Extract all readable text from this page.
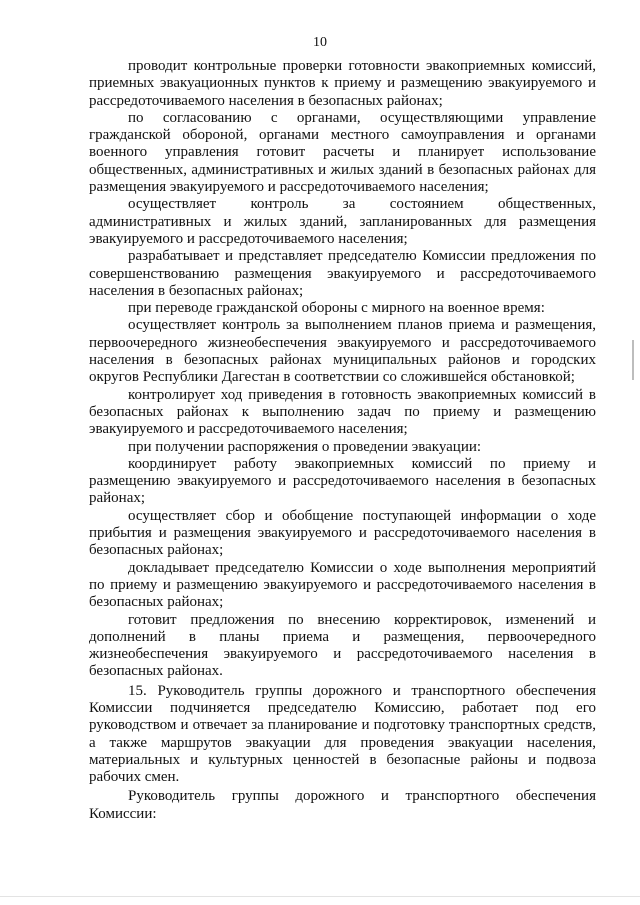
10

проводит контрольные проверки готовности эвакоприемных комиссий, приемных эвакуационных пунктов к приему и размещению эвакуируемого и рассредоточиваемого населения в безопасных районах;

по согласованию с органами, осуществляющими управление гражданской обороной, органами местного самоуправления и органами военного управления готовит расчеты и планирует использование общественных, административных и жилых зданий в безопасных районах для размещения эвакуируемого и рассредоточиваемого населения;

осуществляет контроль за состоянием общественных, административных и жилых зданий, запланированных для размещения эвакуируемого и рассредоточиваемого населения;

разрабатывает и представляет председателю Комиссии предложения по совершенствованию размещения эвакуируемого и рассредоточиваемого населения в безопасных районах;

при переводе гражданской обороны с мирного на военное время:

осуществляет контроль за выполнением планов приема и размещения, первоочередного жизнеобеспечения эвакуируемого и рассредоточиваемого населения в безопасных районах муниципальных районов и городских округов Республики Дагестан в соответствии со сложившейся обстановкой;

контролирует ход приведения в готовность эвакоприемных комиссий в безопасных районах к выполнению задач по приему и размещению эвакуируемого и рассредоточиваемого населения;

при получении распоряжения о проведении эвакуации:

координирует работу эвакоприемных комиссий по приему и размещению эвакуируемого и рассредоточиваемого населения в безопасных районах;

осуществляет сбор и обобщение поступающей информации о ходе прибытия и размещения эвакуируемого и рассредоточиваемого населения в безопасных районах;

докладывает председателю Комиссии о ходе выполнения мероприятий по приему и размещению эвакуируемого и рассредоточиваемого населения в безопасных районах;

готовит предложения по внесению корректировок, изменений и дополнений в планы приема и размещения, первоочередного жизнеобеспечения эвакуируемого и рассредоточиваемого населения в безопасных районах.

15. Руководитель группы дорожного и транспортного обеспечения Комиссии подчиняется председателю Комиссию, работает под его руководством и отвечает за планирование и подготовку транспортных средств, а также маршрутов эвакуации для проведения эвакуации населения, материальных и культурных ценностей в безопасные районы и подвоза рабочих смен.

Руководитель группы дорожного и транспортного обеспечения Комиссии:
